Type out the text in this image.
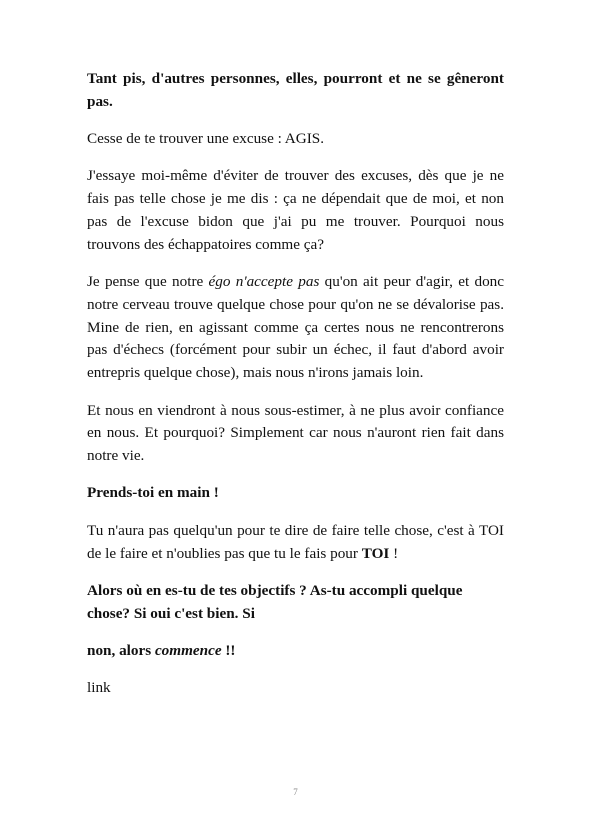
Tant pis, d'autres personnes, elles, pourront et ne se gêneront pas.

Cesse de te trouver une excuse : AGIS.

J'essaye moi-même d'éviter de trouver des excuses, dès que je ne fais pas telle chose je me dis : ça ne dépendait que de moi, et non pas de l'excuse bidon que j'ai pu me trouver. Pourquoi nous trouvons des échappatoires comme ça?

Je pense que notre égo n'accepte pas qu'on ait peur d'agir, et donc notre cerveau trouve quelque chose pour qu'on ne se dévalorise pas. Mine de rien, en agissant comme ça certes nous ne rencontrerons pas d'échecs (forcément pour subir un échec, il faut d'abord avoir entrepris quelque chose), mais nous n'irons jamais loin.

Et nous en viendront à nous sous-estimer, à ne plus avoir confiance en nous. Et pourquoi? Simplement car nous n'auront rien fait dans notre vie.

Prends-toi en main !

Tu n'aura pas quelqu'un pour te dire de faire telle chose, c'est à TOI de le faire et n'oublies pas que tu le fais pour TOI !

Alors où en es-tu de tes objectifs ? As-tu accompli quelque chose? Si oui c'est bien. Si

non, alors commence !!

link

7
